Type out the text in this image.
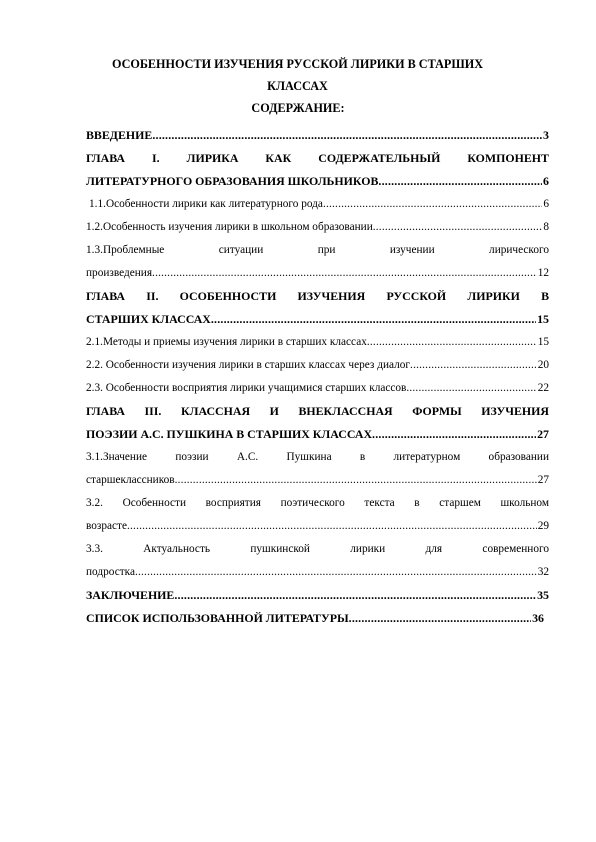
ОСОБЕННОСТИ ИЗУЧЕНИЯ РУССКОЙ ЛИРИКИ В СТАРШИХ КЛАССАХ
СОДЕРЖАНИЕ:
ВВЕДЕНИЕ .....	3
ГЛАВА I. ЛИРИКА КАК СОДЕРЖАТЕЛЬНЫЙ КОМПОНЕНТ
ЛИТЕРАТУРНОГО ОБРАЗОВАНИЯ ШКОЛЬНИКОВ .....	6
1.1.Особенности лирики как литературного рода .....	6
1.2.Особенность изучения лирики в школьном образовании .....	8
1.3.Проблемные ситуации при изучении лирического
произведения .....	12
ГЛАВА II. ОСОБЕННОСТИ ИЗУЧЕНИЯ РУССКОЙ ЛИРИКИ В
СТАРШИХ КЛАССАХ .....	15
2.1.Методы и приемы изучения лирики в старших классах .....	15
2.2. Особенности изучения лирики в старших классах через диалог .....	20
2.3. Особенности восприятия лирики учащимися старших классов .....	22
ГЛАВА III. КЛАССНАЯ И ВНЕКЛАССНАЯ ФОРМЫ ИЗУЧЕНИЯ
ПОЭЗИИ А.С. ПУШКИНА В СТАРШИХ КЛАССАХ .....	27
3.1.Значение поэзии А.С. Пушкина в литературном образовании
старшеклассников .....	27
3.2. Особенности восприятия поэтического текста в старшем школьном
возрасте .....	29
3.3. Актуальность пушкинской лирики для современного
подростка .....	32
ЗАКЛЮЧЕНИЕ .....	35
СПИСОК ИСПОЛЬЗОВАННОЙ ЛИТЕРАТУРЫ .....	36
